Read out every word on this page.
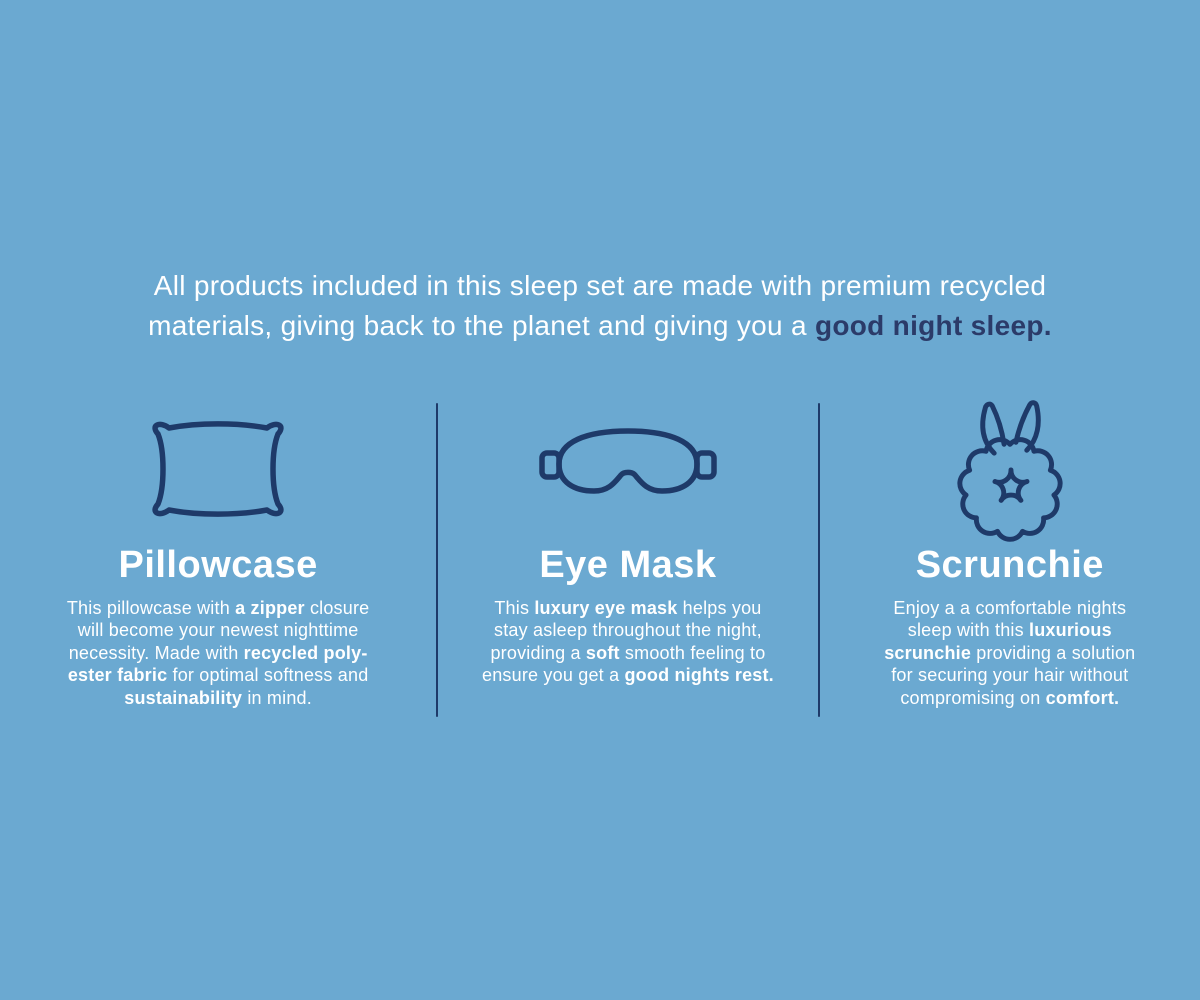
All products included in this sleep set are made with premium recycled
materials, giving back to the planet and giving you a good night sleep.
Pillowcase
This pillowcase with a zipper closure
will become your newest nighttime
necessity. Made with recycled poly-
ester fabric for optimal softness and
sustainability in mind.
Eye Mask
This luxury eye mask helps you
stay asleep throughout the night,
providing a soft smooth feeling to
ensure you get a good nights rest.
Scrunchie
Enjoy a a comfortable nights
sleep with this luxurious
scrunchie providing a solution
for securing your hair without
compromising on comfort.
